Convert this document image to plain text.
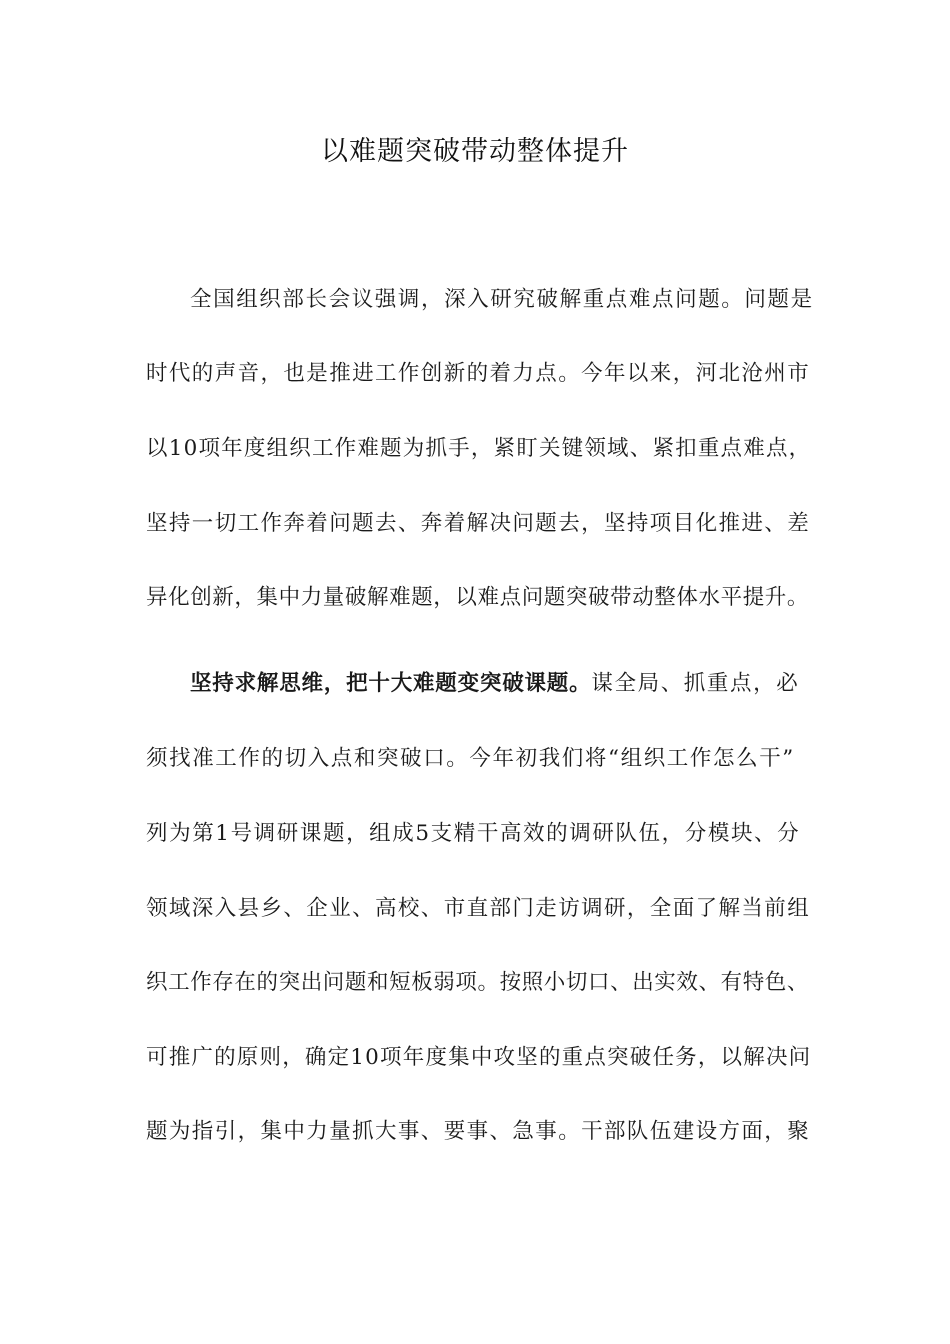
以难题突破带动整体提升
全国组织部长会议强调，深入研究破解重点难点问题。问题是
时代的声音，也是推进工作创新的着力点。今年以来，河北沧州市
以10项年度组织工作难题为抓手，紧盯关键领域、紧扣重点难点，
坚持一切工作奔着问题去、奔着解决问题去，坚持项目化推进、差
异化创新，集中力量破解难题，以难点问题突破带动整体水平提升。
坚持求解思维，把十大难题变突破课题。谋全局、抓重点，必
须找准工作的切入点和突破口。今年初我们将“组织工作怎么干”
列为第1号调研课题，组成5支精干高效的调研队伍，分模块、分
领域深入县乡、企业、高校、市直部门走访调研，全面了解当前组
织工作存在的突出问题和短板弱项。按照小切口、出实效、有特色、
可推广的原则，确定10项年度集中攻坚的重点突破任务，以解决问
题为指引，集中力量抓大事、要事、急事。干部队伍建设方面，聚
